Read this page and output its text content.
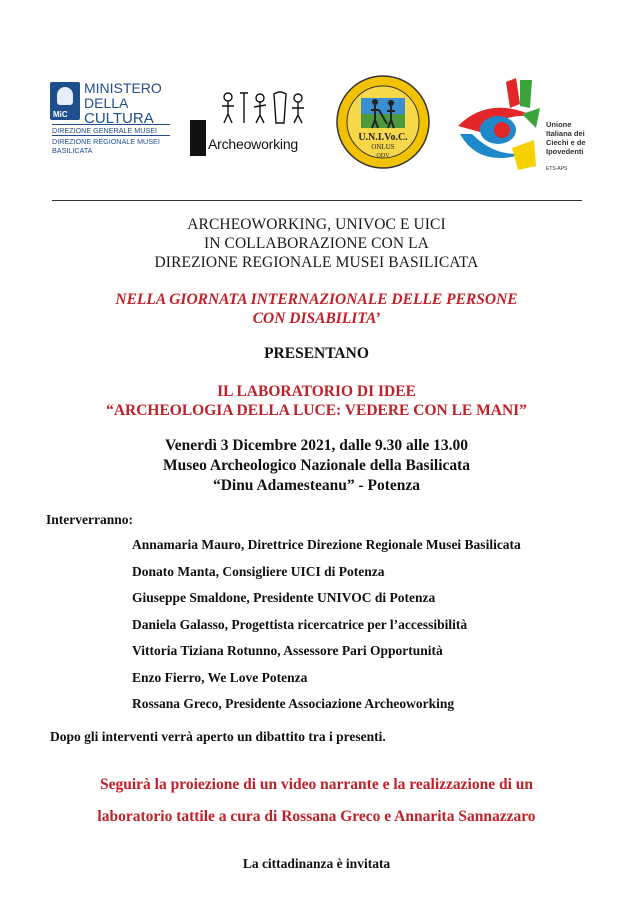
MiC
MINISTERO
DELLA
CULTURA
DIREZIONE GENERALE MUSEI
DIREZIONE REGIONALE MUSEI
BASILICATA	Archeoworking	U.N.I.Vo.C.
ONLUS
ODV
Unione
Italiana dei
Ciechi e de
Ipovedenti
ETS-APS
ARCHEOWORKING, UNIVOC E UICI
IN COLLABORAZIONE CON LA
DIREZIONE REGIONALE MUSEI BASILICATA
NELLA GIORNATA INTERNAZIONALE DELLE PERSONE
CON DISABILITA’
PRESENTANO
IL LABORATORIO DI IDEE
“ARCHEOLOGIA DELLA LUCE: VEDERE CON LE MANI”
Venerdì 3 Dicembre 2021, dalle 9.30 alle 13.00
Museo Archeologico Nazionale della Basilicata
“Dinu Adamesteanu” - Potenza
Interverranno:
Annamaria Mauro, Direttrice Direzione Regionale Musei Basilicata
Donato Manta, Consigliere UICI di Potenza
Giuseppe Smaldone, Presidente UNIVOC di Potenza
Daniela Galasso, Progettista ricercatrice per l’accessibilità
Vittoria Tiziana Rotunno, Assessore Pari Opportunità
Enzo Fierro, We Love Potenza
Rossana Greco, Presidente Associazione Archeoworking
Dopo gli interventi verrà aperto un dibattito tra i presenti.
Seguirà la proiezione di un video narrante e la realizzazione di un
laboratorio tattile a cura di Rossana Greco e Annarita Sannazzaro
La cittadinanza è invitata
